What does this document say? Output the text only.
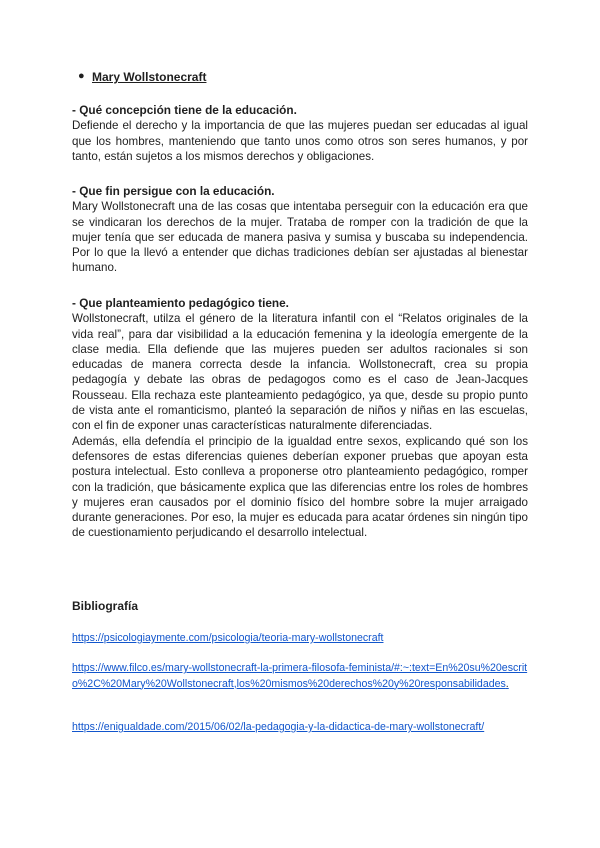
● Mary Wollstonecraft
- Qué concepción tiene de la educación.

Defiende el derecho y la importancia de que las mujeres puedan ser educadas al igual que los hombres, manteniendo que tanto unos como otros son seres humanos, y por tanto, están sujetos a los mismos derechos y obligaciones.

- Que fin persigue con la educación.

Mary Wollstonecraft una de las cosas que intentaba perseguir con la educación era que se vindicaran los derechos de la mujer. Trataba de romper con la tradición de que la mujer tenía que ser educada de manera pasiva y sumisa y buscaba su independencia. Por lo que la llevó a entender que dichas tradiciones debían ser ajustadas al bienestar humano.

- Que planteamiento pedagógico tiene.

Wollstonecraft, utilza el género de la literatura infantil con el “Relatos originales de la vida real”, para dar visibilidad a la educación femenina y la ideología emergente de la clase media. Ella defiende que las mujeres pueden ser adultos racionales si son educadas de manera correcta desde la infancia. Wollstonecraft, crea su propia pedagogía y debate las obras de pedagogos como es el caso de Jean-Jacques Rousseau. Ella rechaza este planteamiento pedagógico, ya que, desde su propio punto de vista ante el romanticismo, planteó la separación de niños y niñas en las escuelas, con el fin de exponer unas características naturalmente diferenciadas.

Además, ella defendía el principio de la igualdad entre sexos, explicando qué son los defensores de estas diferencias quienes deberían exponer pruebas que apoyan esta postura intelectual. Esto conlleva a proponerse otro planteamiento pedagógico, romper con la tradición, que básicamente explica que las diferencias entre los roles de hombres y mujeres eran causados por el dominio físico del hombre sobre la mujer arraigado durante generaciones. Por eso, la mujer es educada para acatar órdenes sin ningún tipo de cuestionamiento perjudicando el desarrollo intelectual.

Bibliografía
https://psicologiaymente.com/psicologia/teoria-mary-wollstonecraft
https://www.filco.es/mary-wollstonecraft-la-primera-filosofa-feminista/#:~:text=En%20su%20escrito%2C%20Mary%20Wollstonecraft,los%20mismos%20derechos%20y%20responsabilidades.
https://enigualdade.com/2015/06/02/la-pedagogia-y-la-didactica-de-mary-wollstonecraft/
